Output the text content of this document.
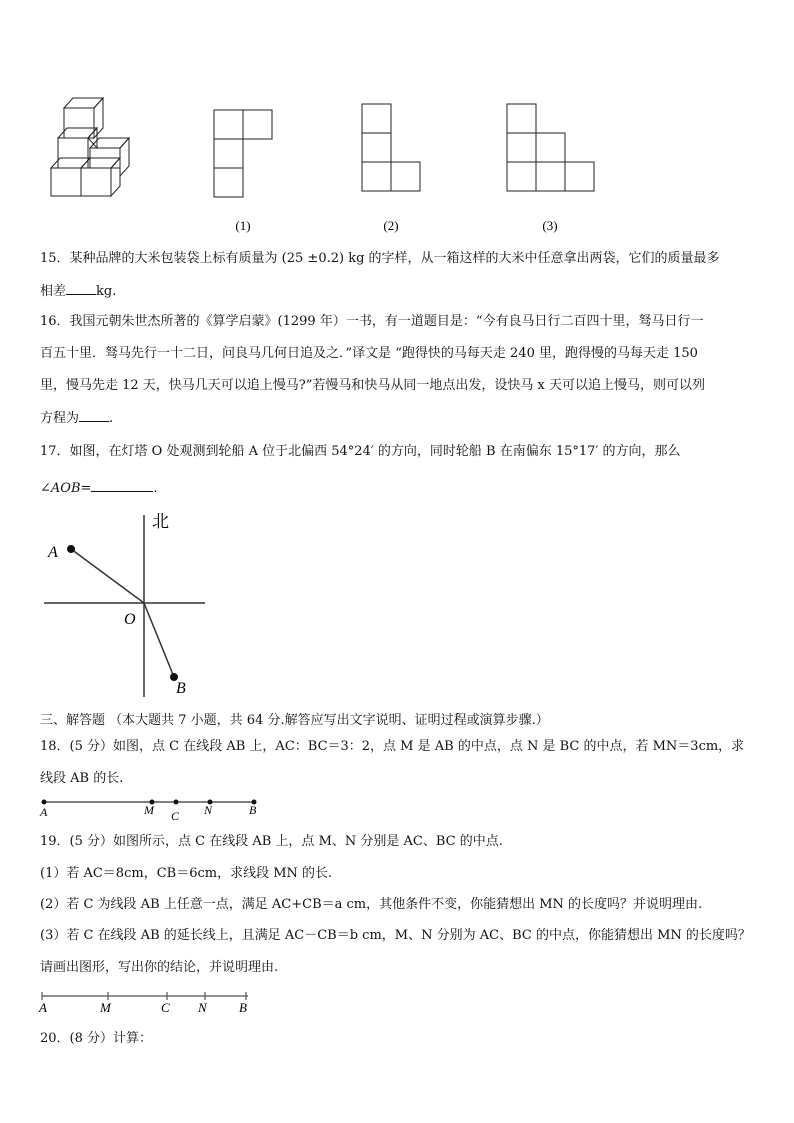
(1)	(2)	(3)
15．某种品牌的大米包装袋上标有质量为 (25 ±0.2) kg 的字样，从一箱这样的大米中任意拿出两袋，它们的质量最多
相差 kg.
16．我国元朝朱世杰所著的《算学启蒙》(1299 年）一书，有一道题目是：“今有良马日行二百四十里，驽马日行一
百五十里．驽马先行一十二日，问良马几何日追及之．”译文是 “跑得快的马每天走 240 里，跑得慢的马每天走 150
里，慢马先走 12 天，快马几天可以追上慢马?”若慢马和快马从同一地点出发，设快马 x 天可以追上慢马，则可以列
方程为 .
17．如图，在灯塔 O 处观测到轮船 A 位于北偏西 54°24′ 的方向，同时轮船 B 在南偏东 15°17′ 的方向，那么
∠AOB=	.
北
A
O
B
三、解答题 （本大题共 7 小题，共 64 分.解答应写出文字说明、证明过程或演算步骤.）
18．(5 分）如图，点 C 在线段 AB 上，AC：BC＝3：2，点 M 是 AB 的中点，点 N 是 BC 的中点，若 MN＝3cm，求
线段 AB 的长.
A	M C N	B
19．(5 分）如图所示，点 C 在线段 AB 上，点 M、N 分别是 AC、BC 的中点.
(1）若 AC＝8cm，CB＝6cm，求线段 MN 的长.
(2）若 C 为线段 AB 上任意一点，满足 AC+CB＝a cm，其他条件不变，你能猜想出 MN 的长度吗？并说明理由.
(3）若 C 在线段 AB 的延长线上，且满足 AC－CB＝b cm，M、N 分别为 AC、BC 的中点，你能猜想出 MN 的长度吗？
请画出图形，写出你的结论，并说明理由.
A	M	C N B
20．(8 分）计算：
